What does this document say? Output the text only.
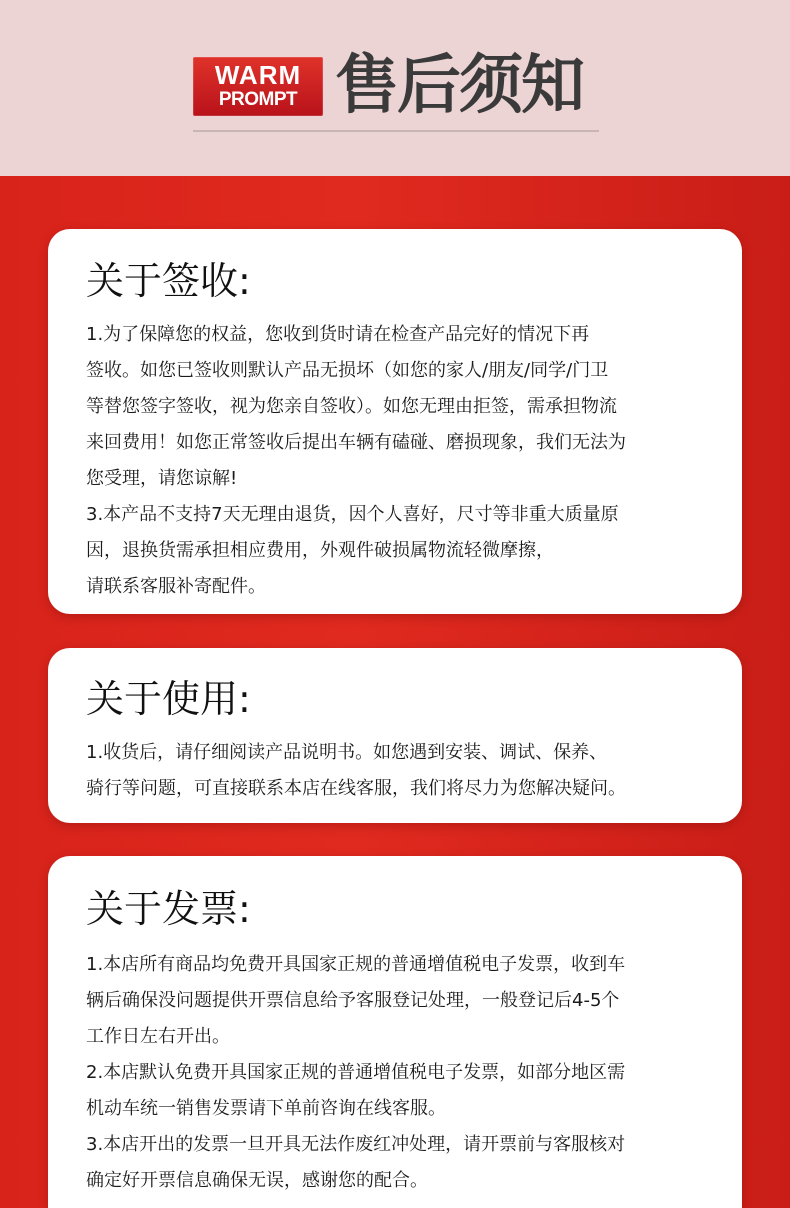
WARM
PROMPT 售后须知
关于签收:

1.为了保障您的权益，您收到货时请在检查产品完好的情况下再

签收。如您已签收则默认产品无损坏（如您的家人/朋友/同学/门卫

等替您签字签收，视为您亲自签收）。如您无理由拒签，需承担物流

来回费用！如您正常签收后提出车辆有磕碰、磨损现象，我们无法为

您受理，请您谅解!

3.本产品不支持7天无理由退货，因个人喜好，尺寸等非重大质量原

因，退换货需承担相应费用，外观件破损属物流轻微摩擦，

请联系客服补寄配件。

关于使用:

1.收货后，请仔细阅读产品说明书。如您遇到安装、调试、保养、

骑行等问题，可直接联系本店在线客服，我们将尽力为您解决疑问。

关于发票:

1.本店所有商品均免费开具国家正规的普通增值税电子发票，收到车

辆后确保没问题提供开票信息给予客服登记处理，一般登记后4-5个

工作日左右开出。

2.本店默认免费开具国家正规的普通增值税电子发票，如部分地区需

机动车统一销售发票请下单前咨询在线客服。

3.本店开出的发票一旦开具无法作废红冲处理，请开票前与客服核对

确定好开票信息确保无误，感谢您的配合。
